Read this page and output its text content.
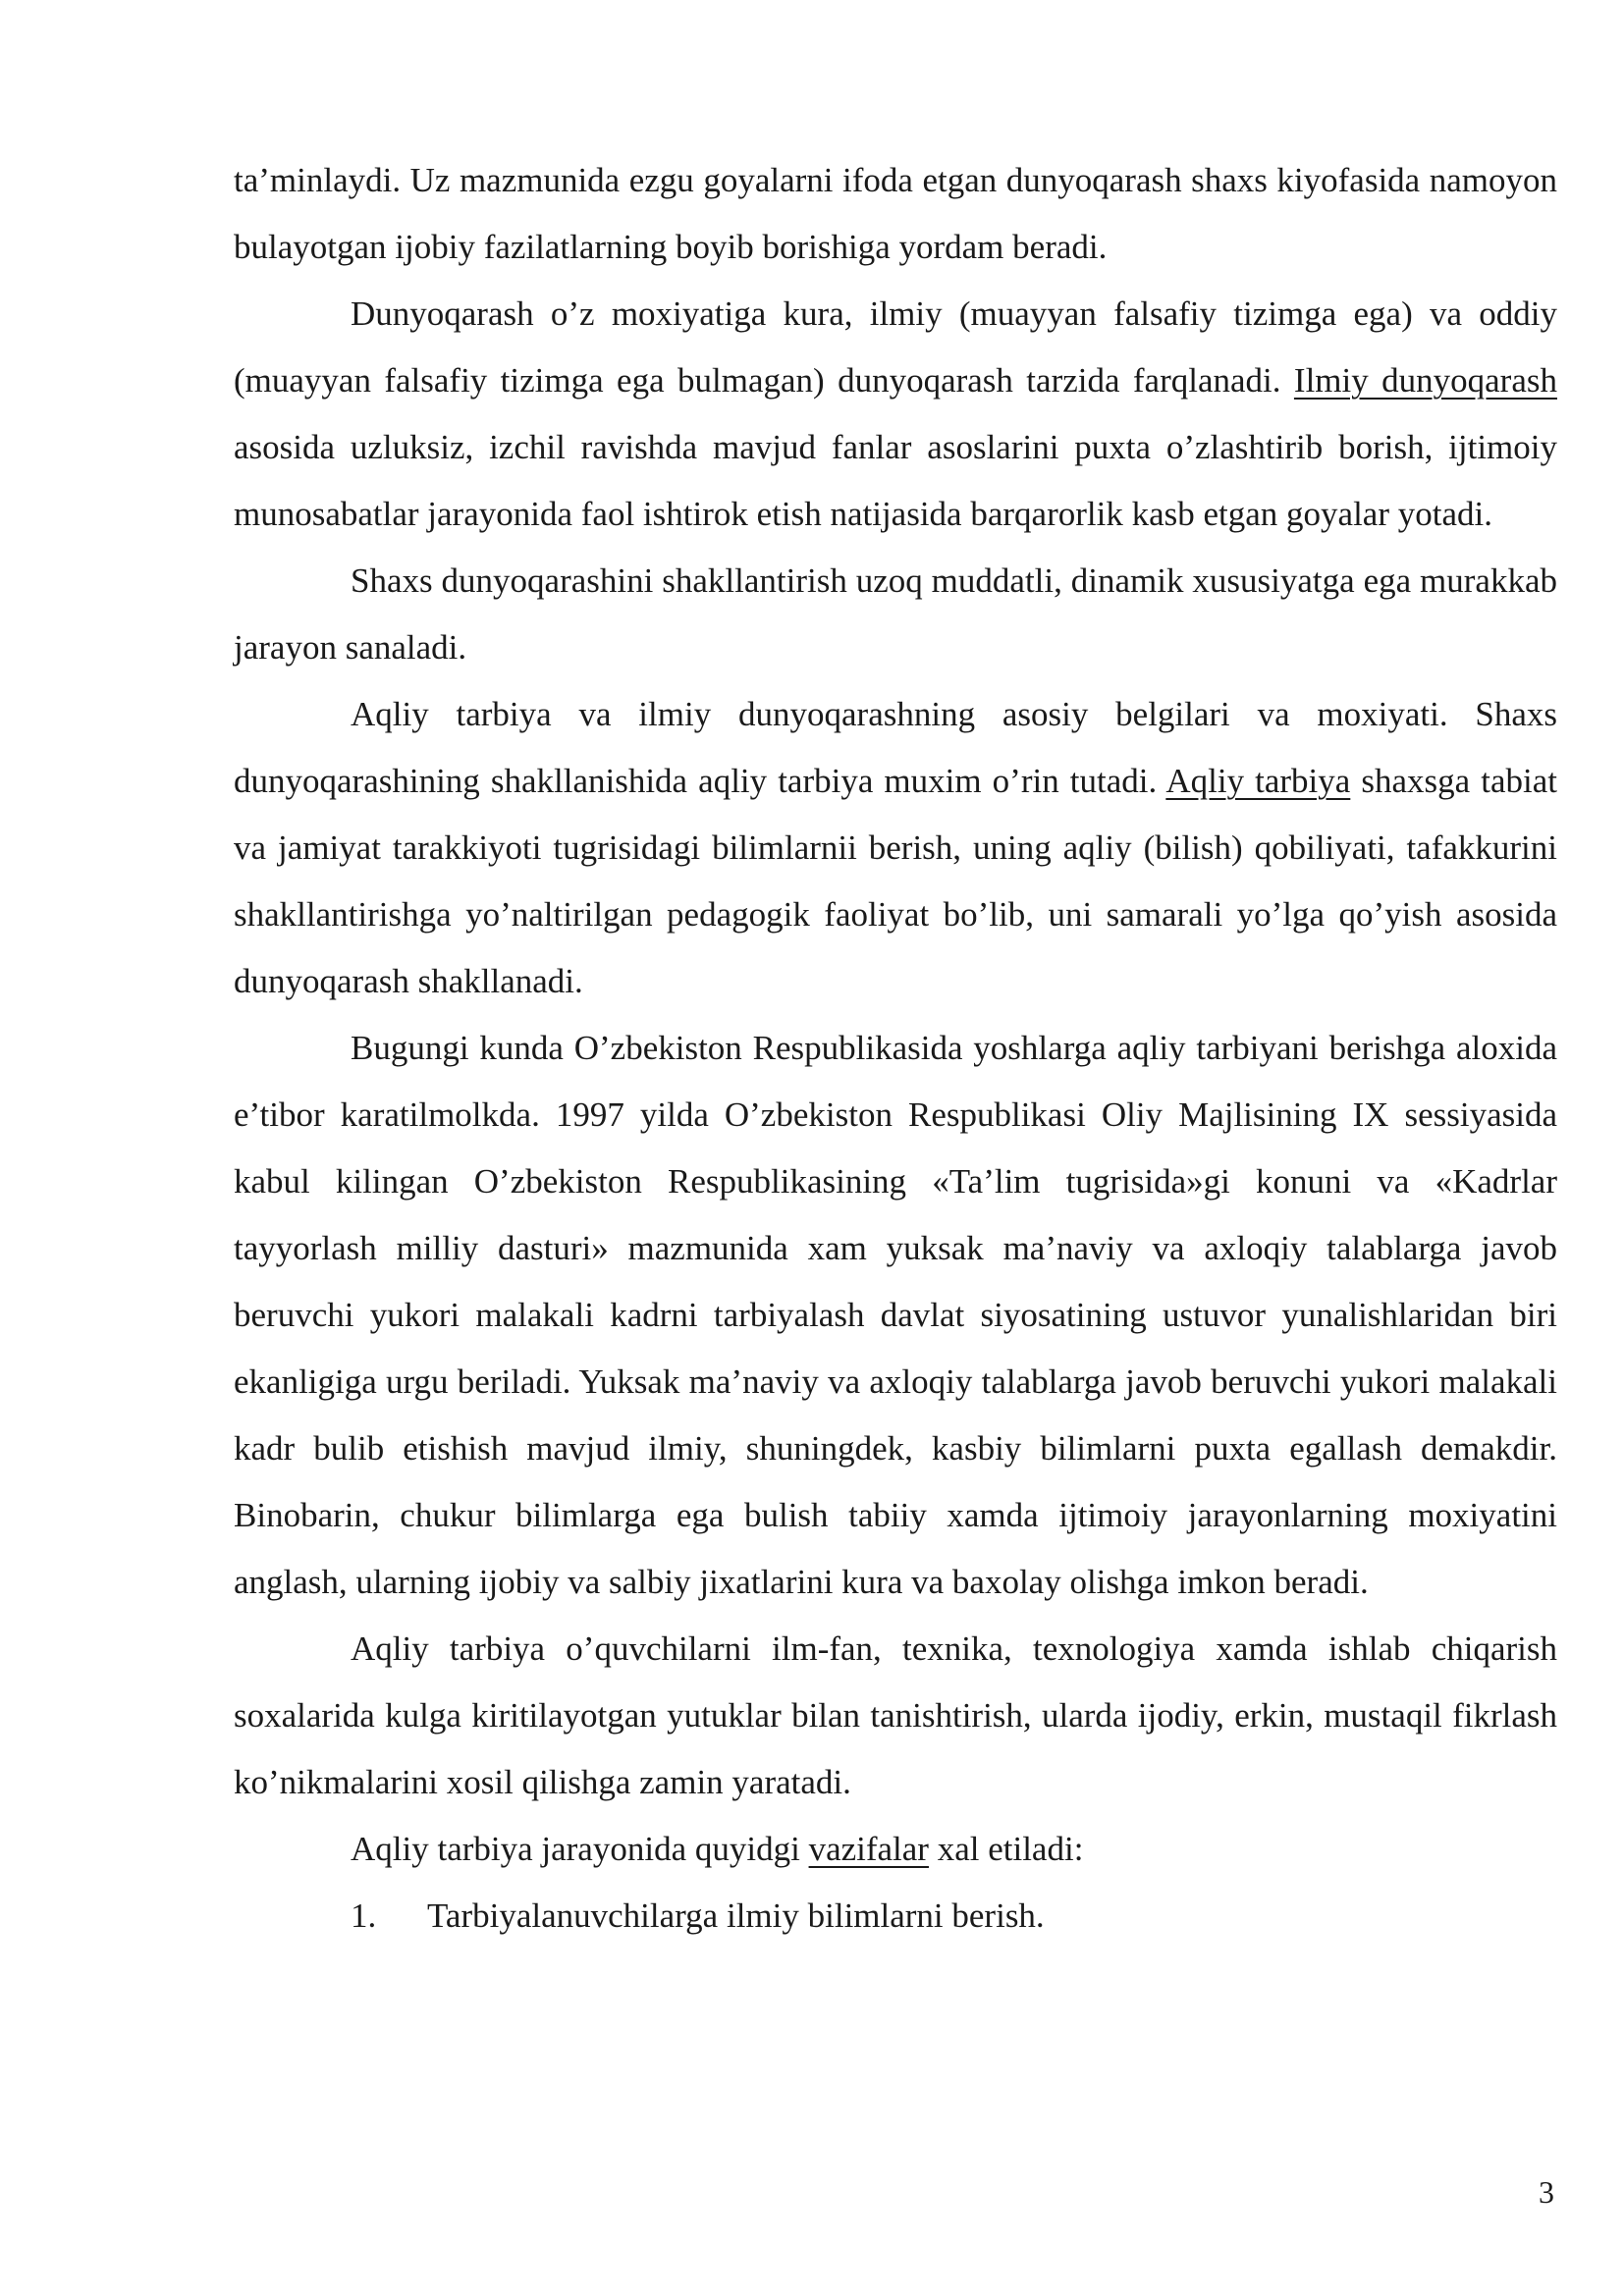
ta’minlaydi. Uz mazmunida ezgu goyalarni ifoda etgan dunyoqarash shaxs kiyofasida namoyon bulayotgan ijobiy fazilatlarning boyib borishiga yordam beradi.

Dunyoqarash o’z moxiyatiga kura, ilmiy (muayyan falsafiy tizimga ega) va oddiy (muayyan falsafiy tizimga ega bulmagan) dunyoqarash tarzida farqlanadi. Ilmiy dunyoqarash asosida uzluksiz, izchil ravishda mavjud fanlar asoslarini puxta o’zlashtirib borish, ijtimoiy munosabatlar jarayonida faol ishtirok etish natijasida barqarorlik kasb etgan goyalar yotadi.

Shaxs dunyoqarashini shakllantirish uzoq muddatli, dinamik xususiyatga ega murakkab jarayon sanaladi.

Aqliy tarbiya va ilmiy dunyoqarashning asosiy belgilari va moxiyati. Shaxs dunyoqarashining shakllanishida aqliy tarbiya muxim o’rin tutadi. Aqliy tarbiya shaxsga tabiat va jamiyat tarakkiyoti tugrisidagi bilimlarnii berish, uning aqliy (bilish) qobiliyati, tafakkurini shakllantirishga yo’naltirilgan pedagogik faoliyat bo’lib, uni samarali yo’lga qo’yish asosida dunyoqarash shakllanadi.

Bugungi kunda O’zbekiston Respublikasida yoshlarga aqliy tarbiyani berishga aloxida e’tibor karatilmolkda. 1997 yilda O’zbekiston Respublikasi Oliy Majlisining IX sessiyasida kabul kilingan O’zbekiston Respublikasining «Ta’lim tugrisida»gi konuni va «Kadrlar tayyorlash milliy dasturi» mazmunida xam yuksak ma’naviy va axloqiy talablarga javob beruvchi yukori malakali kadrni tarbiyalash davlat siyosatining ustuvor yunalishlaridan biri ekanligiga urgu beriladi. Yuksak ma’naviy va axloqiy talablarga javob beruvchi yukori malakali kadr bulib etishish mavjud ilmiy, shuningdek, kasbiy bilimlarni puxta egallash demakdir. Binobarin, chukur bilimlarga ega bulish tabiiy xamda ijtimoiy jarayonlarning moxiyatini anglash, ularning ijobiy va salbiy jixatlarini kura va baxolay olishga imkon beradi.

Aqliy tarbiya o’quvchilarni ilm-fan, texnika, texnologiya xamda ishlab chiqarish soxalarida kulga kiritilayotgan yutuklar bilan tanishtirish, ularda ijodiy, erkin, mustaqil fikrlash ko’nikmalarini xosil qilishga zamin yaratadi.

Aqliy tarbiya jarayonida quyidgi vazifalar xal etiladi:

1.	Tarbiyalanuvchilarga ilmiy bilimlarni berish.
3
